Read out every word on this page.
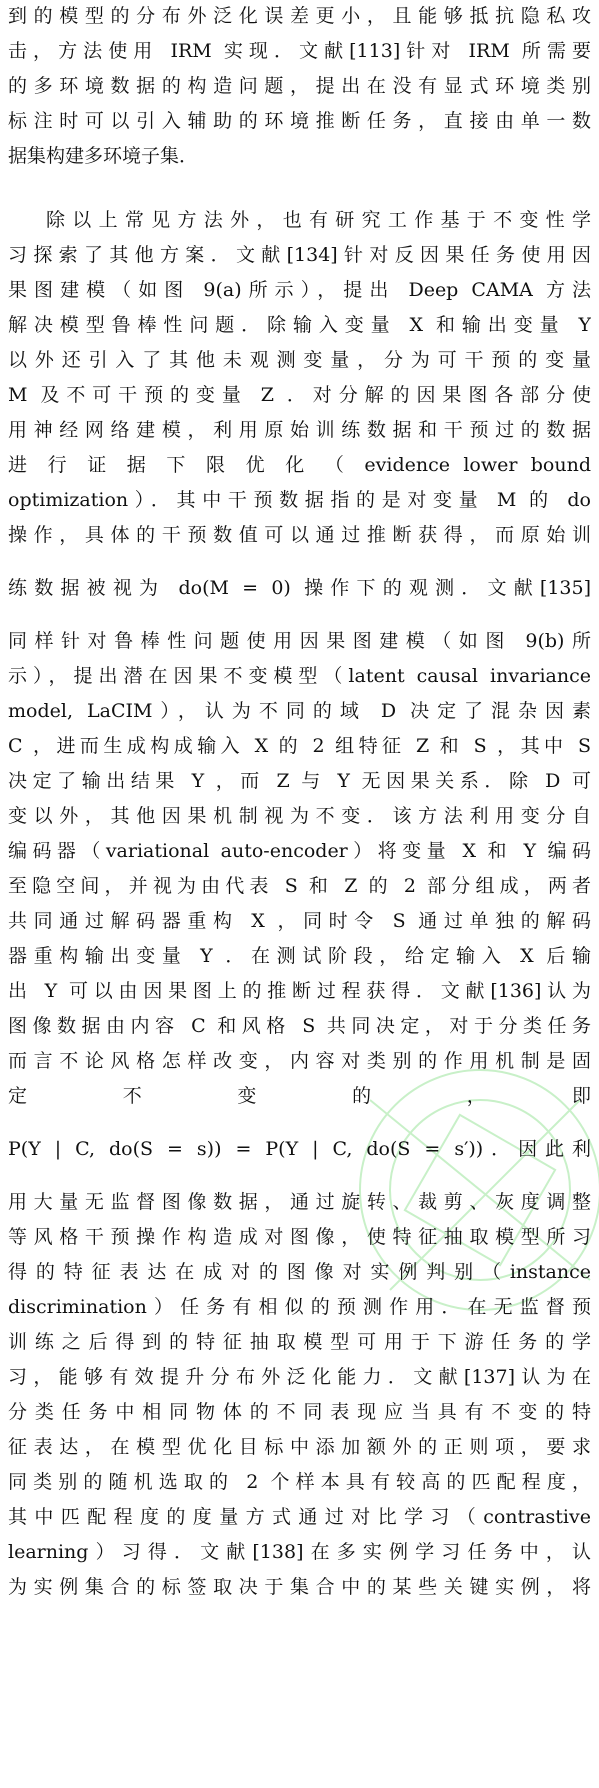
到的模型的分布外泛化误差更小，且能够抵抗隐私攻
击，方法使用 IRM 实现．文献[113]针对 IRM 所需要
的多环境数据的构造问题，提出在没有显式环境类别
标注时可以引入辅助的环境推断任务，直接由单一数
据集构建多环境子集．
除以上常见方法外，也有研究工作基于不变性学
习探索了其他方案．文献[134]针对反因果任务使用因
果图建模（如图 9(a)所示），提出 Deep CAMA 方法
解决模型鲁棒性问题．除输入变量 X 和输出变量 Y
以外还引入了其他未观测变量，分为可干预的变量
M 及不可干预的变量 Z ．对分解的因果图各部分使
用神经网络建模，利用原始训练数据和干预过的数据
进 行 证 据 下 限 优 化 （ evidence lower bound
optimization）．其中干预数据指的是对变量 M 的 do
操作，具体的干预数值可以通过推断获得，而原始训
练数据被视为 do(M = 0) 操作下的观测．文献[135]
同样针对鲁棒性问题使用因果图建模（如图 9(b)所
示），提出潜在因果不变模型（latent causal invariance
model, LaCIM），认为不同的域 D 决定了混杂因素
C ，进而生成构成输入 X 的 2 组特征 Z 和 S ，其中 S
决定了输出结果 Y ，而 Z 与 Y 无因果关系．除 D 可
变以外，其他因果机制视为不变．该方法利用变分自
编码器（variational auto-encoder）将变量 X 和 Y 编码
至隐空间，并视为由代表 S 和 Z 的 2 部分组成，两者
共同通过解码器重构 X ，同时令 S 通过单独的解码
器重构输出变量 Y ．在测试阶段，给定输入 X 后输
出 Y 可以由因果图上的推断过程获得．文献[136]认为
图像数据由内容 C 和风格 S 共同决定，对于分类任务
而言不论风格怎样改变，内容对类别的作用机制是固
定　　　不　　　变　　　的　　　，　　　即
P(Y | C, do(S = s)) = P(Y | C, do(S = s′))．因此利
用大量无监督图像数据，通过旋转、裁剪、灰度调整
等风格干预操作构造成对图像，使特征抽取模型所习
得的特征表达在成对的图像对实例判别（instance
discrimination）任务有相似的预测作用．在无监督预
训练之后得到的特征抽取模型可用于下游任务的学
习，能够有效提升分布外泛化能力．文献[137]认为在
分类任务中相同物体的不同表现应当具有不变的特
征表达，在模型优化目标中添加额外的正则项，要求
同类别的随机选取的 2 个样本具有较高的匹配程度，
其中匹配程度的度量方式通过对比学习（contrastive
learning）习得．文献[138]在多实例学习任务中，认
为实例集合的标签取决于集合中的某些关键实例，将
